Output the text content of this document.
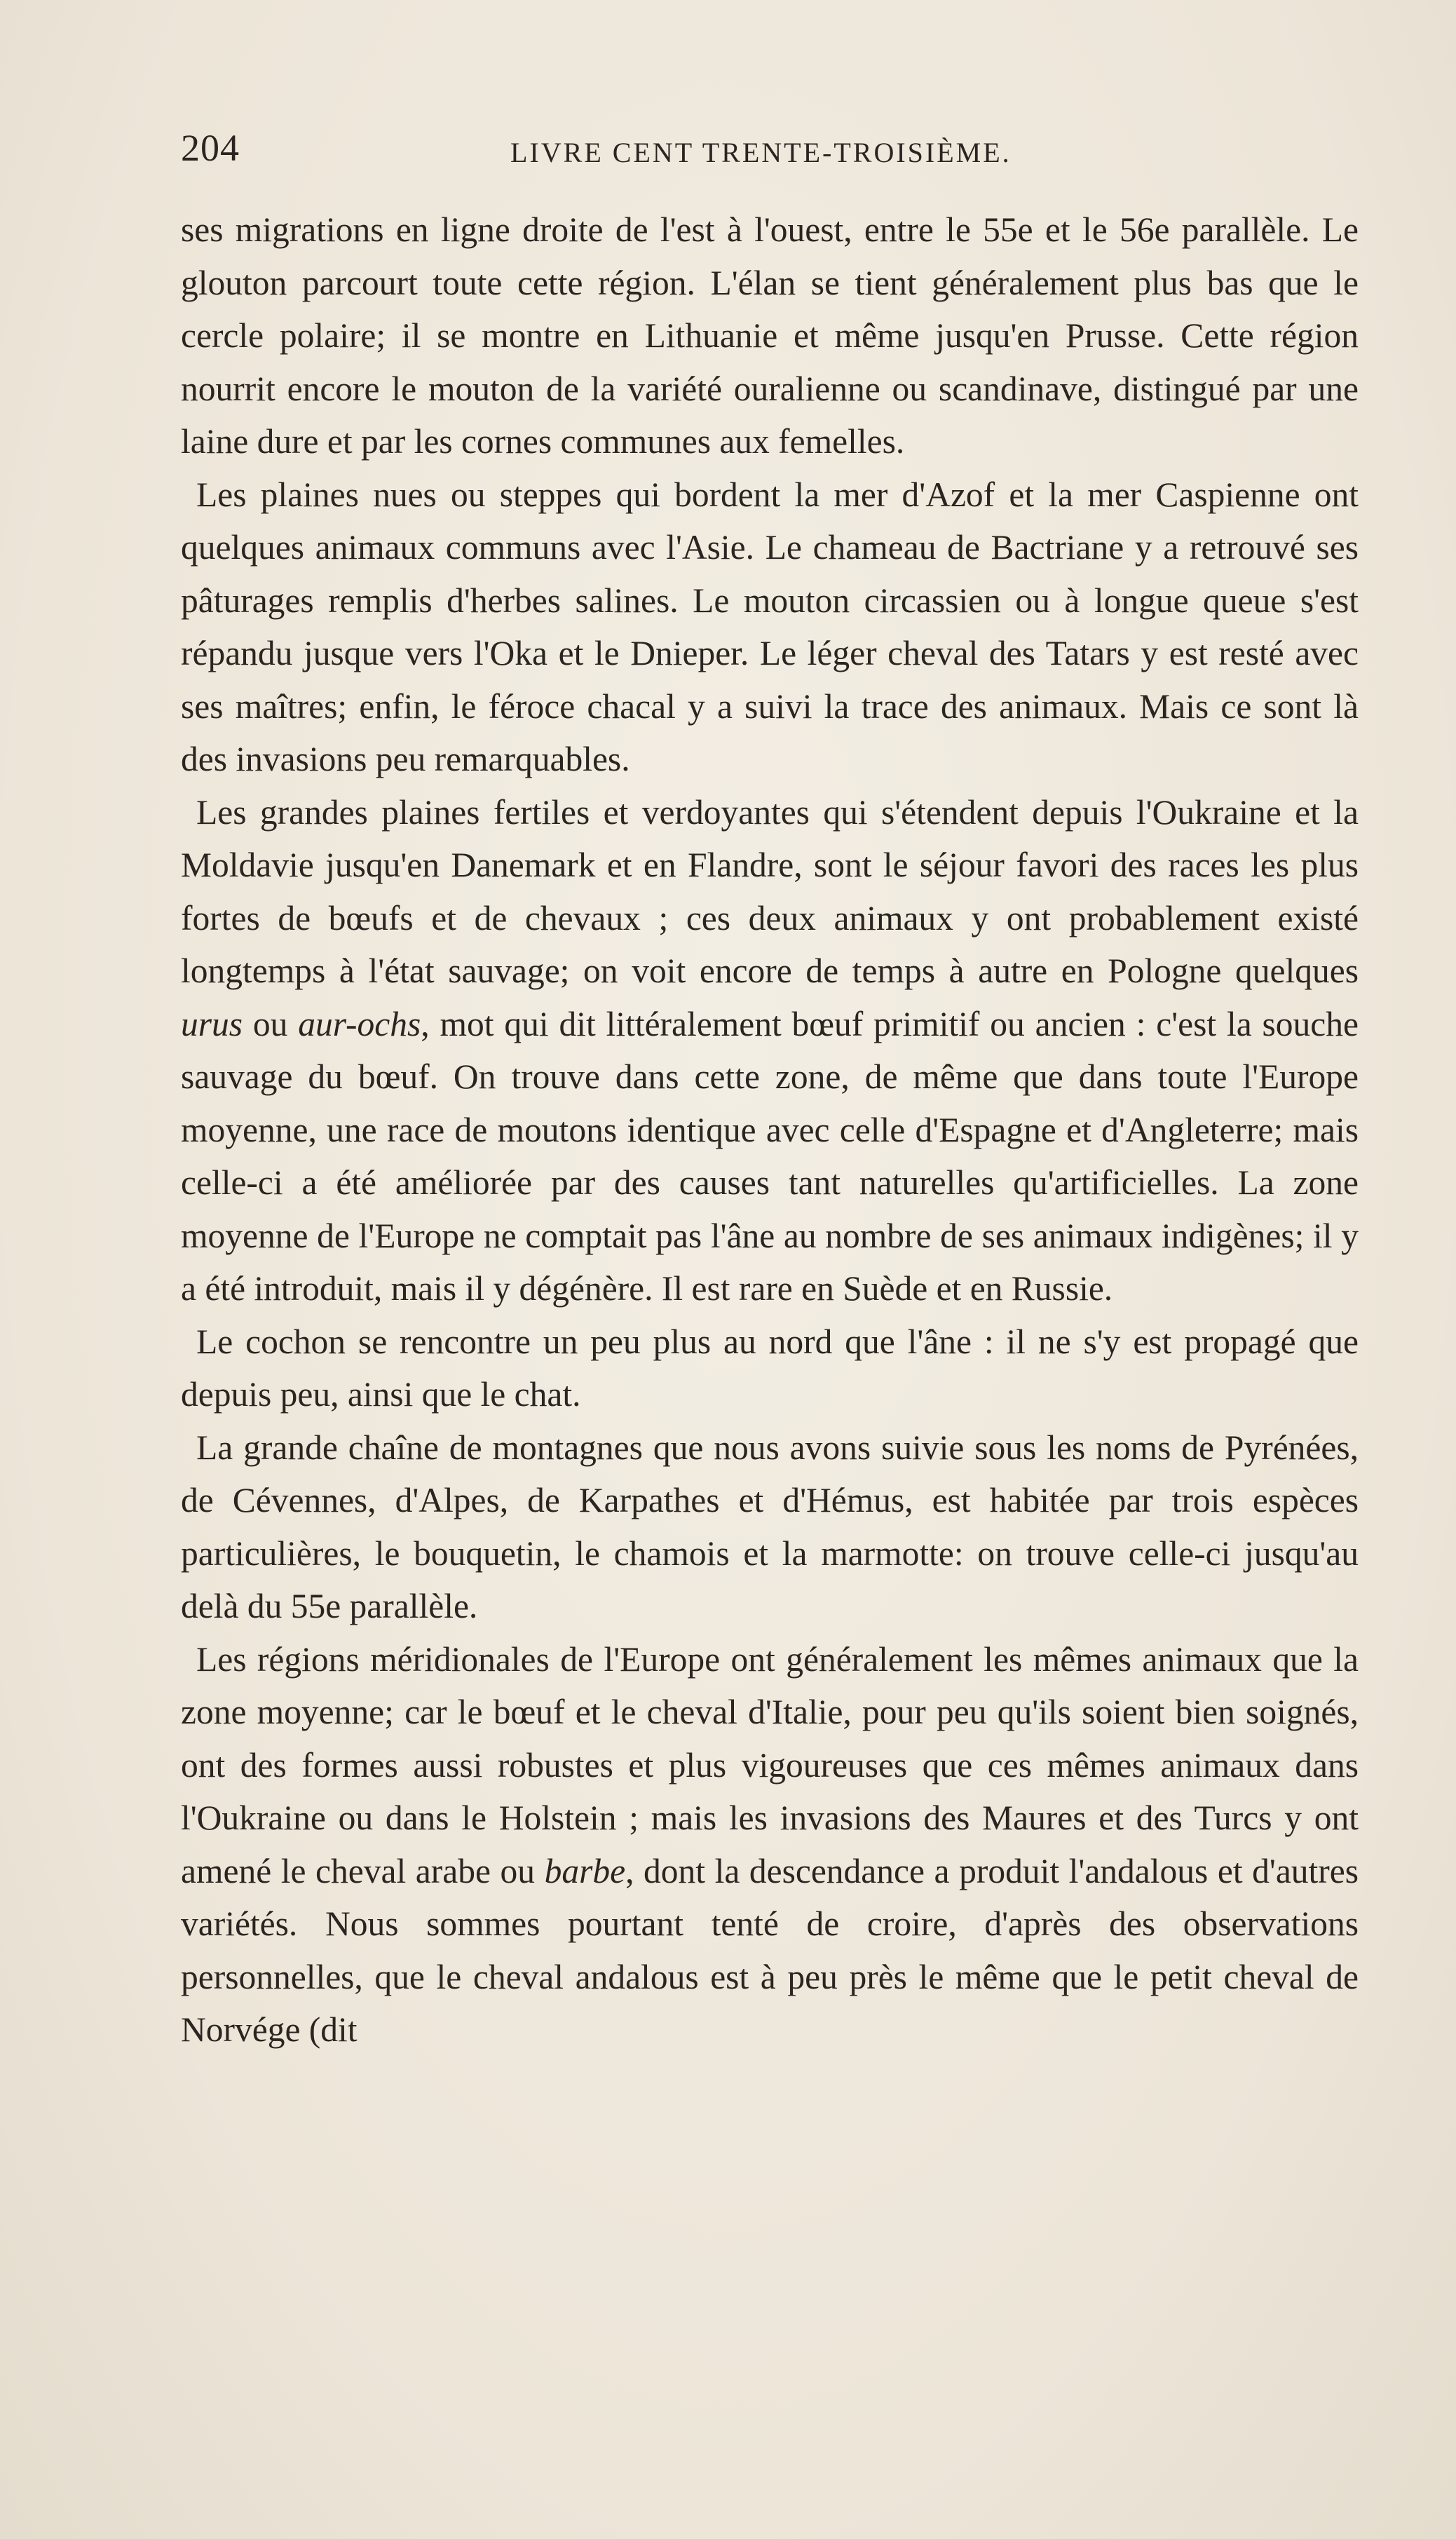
204	LIVRE CENT TRENTE-TROISIÈME.

ses migrations en ligne droite de l'est à l'ouest, entre le 55e et le 56e parallèle. Le glouton parcourt toute cette région. L'élan se tient généralement plus bas que le cercle polaire; il se montre en Lithuanie et même jusqu'en Prusse. Cette région nourrit encore le mouton de la variété ouralienne ou scandinave, distingué par une laine dure et par les cornes communes aux femelles.

Les plaines nues ou steppes qui bordent la mer d'Azof et la mer Caspienne ont quelques animaux communs avec l'Asie. Le chameau de Bactriane y a retrouvé ses pâturages remplis d'herbes salines. Le mouton circassien ou à longue queue s'est répandu jusque vers l'Oka et le Dnieper. Le léger cheval des Tatars y est resté avec ses maîtres; enfin, le féroce chacal y a suivi la trace des animaux. Mais ce sont là des invasions peu remarquables.

Les grandes plaines fertiles et verdoyantes qui s'étendent depuis l'Oukraine et la Moldavie jusqu'en Danemark et en Flandre, sont le séjour favori des races les plus fortes de bœufs et de chevaux ; ces deux animaux y ont probablement existé longtemps à l'état sauvage; on voit encore de temps à autre en Pologne quelques urus ou aur-ochs, mot qui dit littéralement bœuf primitif ou ancien : c'est la souche sauvage du bœuf. On trouve dans cette zone, de même que dans toute l'Europe moyenne, une race de moutons identique avec celle d'Espagne et d'Angleterre; mais celle-ci a été améliorée par des causes tant naturelles qu'artificielles. La zone moyenne de l'Europe ne comptait pas l'âne au nombre de ses animaux indigènes; il y a été introduit, mais il y dégénère. Il est rare en Suède et en Russie.

Le cochon se rencontre un peu plus au nord que l'âne : il ne s'y est propagé que depuis peu, ainsi que le chat.

La grande chaîne de montagnes que nous avons suivie sous les noms de Pyrénées, de Cévennes, d'Alpes, de Karpathes et d'Hémus, est habitée par trois espèces particulières, le bouquetin, le chamois et la marmotte: on trouve celle-ci jusqu'au delà du 55e parallèle.

Les régions méridionales de l'Europe ont généralement les mêmes animaux que la zone moyenne; car le bœuf et le cheval d'Italie, pour peu qu'ils soient bien soignés, ont des formes aussi robustes et plus vigoureuses que ces mêmes animaux dans l'Oukraine ou dans le Holstein ; mais les invasions des Maures et des Turcs y ont amené le cheval arabe ou barbe, dont la descendance a produit l'andalous et d'autres variétés. Nous sommes pourtant tenté de croire, d'après des observations personnelles, que le cheval andalous est à peu près le même que le petit cheval de Norvége (dit
